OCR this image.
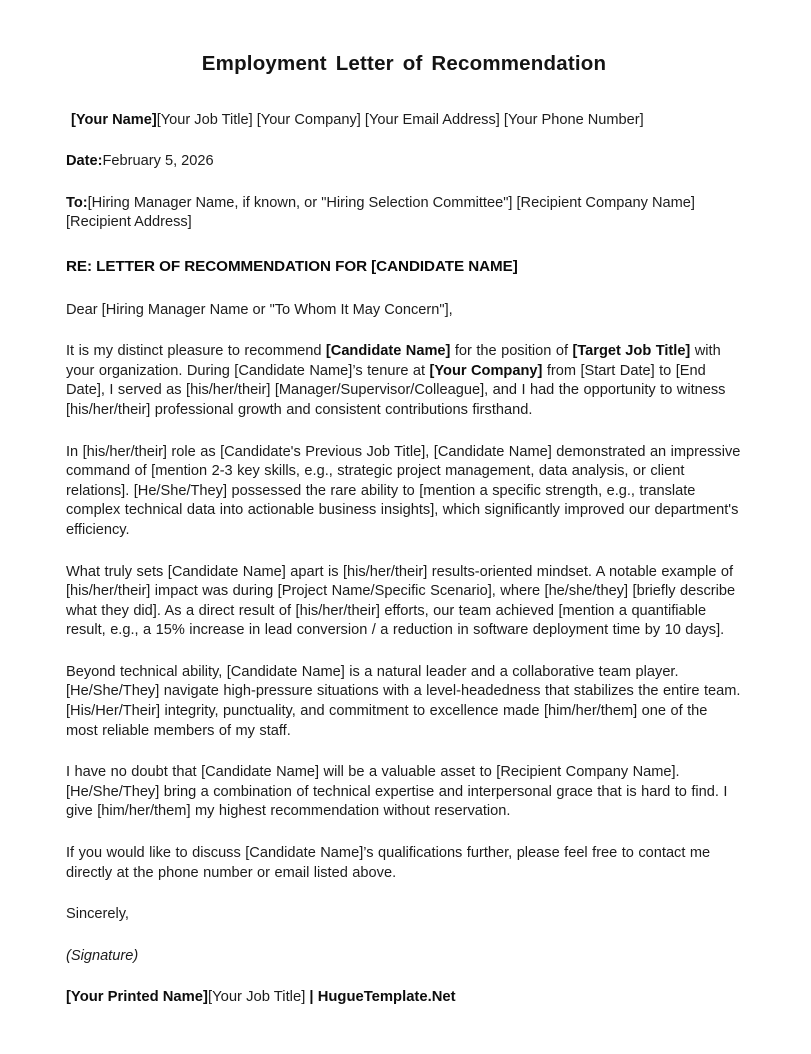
Employment Letter of Recommendation
[Your Name][Your Job Title] [Your Company] [Your Email Address] [Your Phone Number]
Date:February 5, 2026
To:[Hiring Manager Name, if known, or "Hiring Selection Committee"] [Recipient Company Name]
[Recipient Address]
RE: LETTER OF RECOMMENDATION FOR [CANDIDATE NAME]
Dear [Hiring Manager Name or "To Whom It May Concern"],
It is my distinct pleasure to recommend [Candidate Name] for the position of [Target Job Title] with your organization. During [Candidate Name]’s tenure at [Your Company] from [Start Date] to [End Date], I served as [his/her/their] [Manager/Supervisor/Colleague], and I had the opportunity to witness [his/her/their] professional growth and consistent contributions firsthand.
In [his/her/their] role as [Candidate's Previous Job Title], [Candidate Name] demonstrated an impressive command of [mention 2-3 key skills, e.g., strategic project management, data analysis, or client relations]. [He/She/They] possessed the rare ability to [mention a specific strength, e.g., translate complex technical data into actionable business insights], which significantly improved our department's efficiency.
What truly sets [Candidate Name] apart is [his/her/their] results-oriented mindset. A notable example of [his/her/their] impact was during [Project Name/Specific Scenario], where [he/she/they] [briefly describe what they did]. As a direct result of [his/her/their] efforts, our team achieved [mention a quantifiable result, e.g., a 15% increase in lead conversion / a reduction in software deployment time by 10 days].
Beyond technical ability, [Candidate Name] is a natural leader and a collaborative team player. [He/She/They] navigate high-pressure situations with a level-headedness that stabilizes the entire team. [His/Her/Their] integrity, punctuality, and commitment to excellence made [him/her/them] one of the most reliable members of my staff.
I have no doubt that [Candidate Name] will be a valuable asset to [Recipient Company Name]. [He/She/They] bring a combination of technical expertise and interpersonal grace that is hard to find. I give [him/her/them] my highest recommendation without reservation.
If you would like to discuss [Candidate Name]’s qualifications further, please feel free to contact me directly at the phone number or email listed above.
Sincerely,
(Signature)
[Your Printed Name][Your Job Title] | HugueTemplate.Net
